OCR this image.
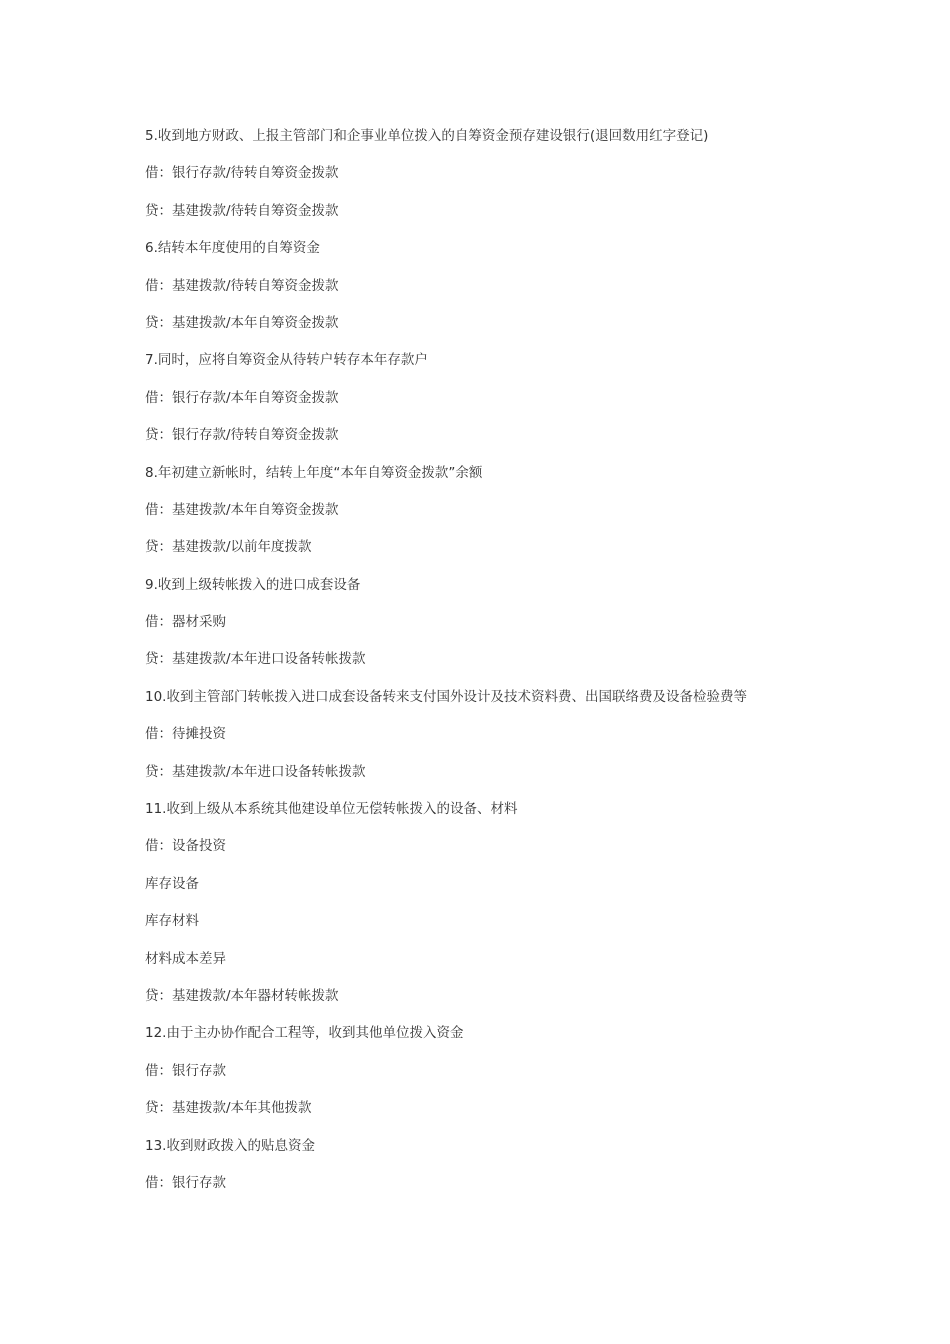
5.收到地方财政、上报主管部门和企事业单位拨入的自筹资金预存建设银行(退回数用红字登记)
借：银行存款/待转自筹资金拨款
贷：基建拨款/待转自筹资金拨款
6.结转本年度使用的自筹资金
借：基建拨款/待转自筹资金拨款
贷：基建拨款/本年自筹资金拨款
7.同时，应将自筹资金从待转户转存本年存款户
借：银行存款/本年自筹资金拨款
贷：银行存款/待转自筹资金拨款
8.年初建立新帐时，结转上年度“本年自筹资金拨款”余额
借：基建拨款/本年自筹资金拨款
贷：基建拨款/以前年度拨款
9.收到上级转帐拨入的进口成套设备
借：器材采购
贷：基建拨款/本年进口设备转帐拨款
10.收到主管部门转帐拨入进口成套设备转来支付国外设计及技术资料费、出国联络费及设备检验费等
借：待摊投资
贷：基建拨款/本年进口设备转帐拨款
11.收到上级从本系统其他建设单位无偿转帐拨入的设备、材料
借：设备投资
库存设备
库存材料
材料成本差异
贷：基建拨款/本年器材转帐拨款
12.由于主办协作配合工程等，收到其他单位拨入资金
借：银行存款
贷：基建拨款/本年其他拨款
13.收到财政拨入的贴息资金
借：银行存款
